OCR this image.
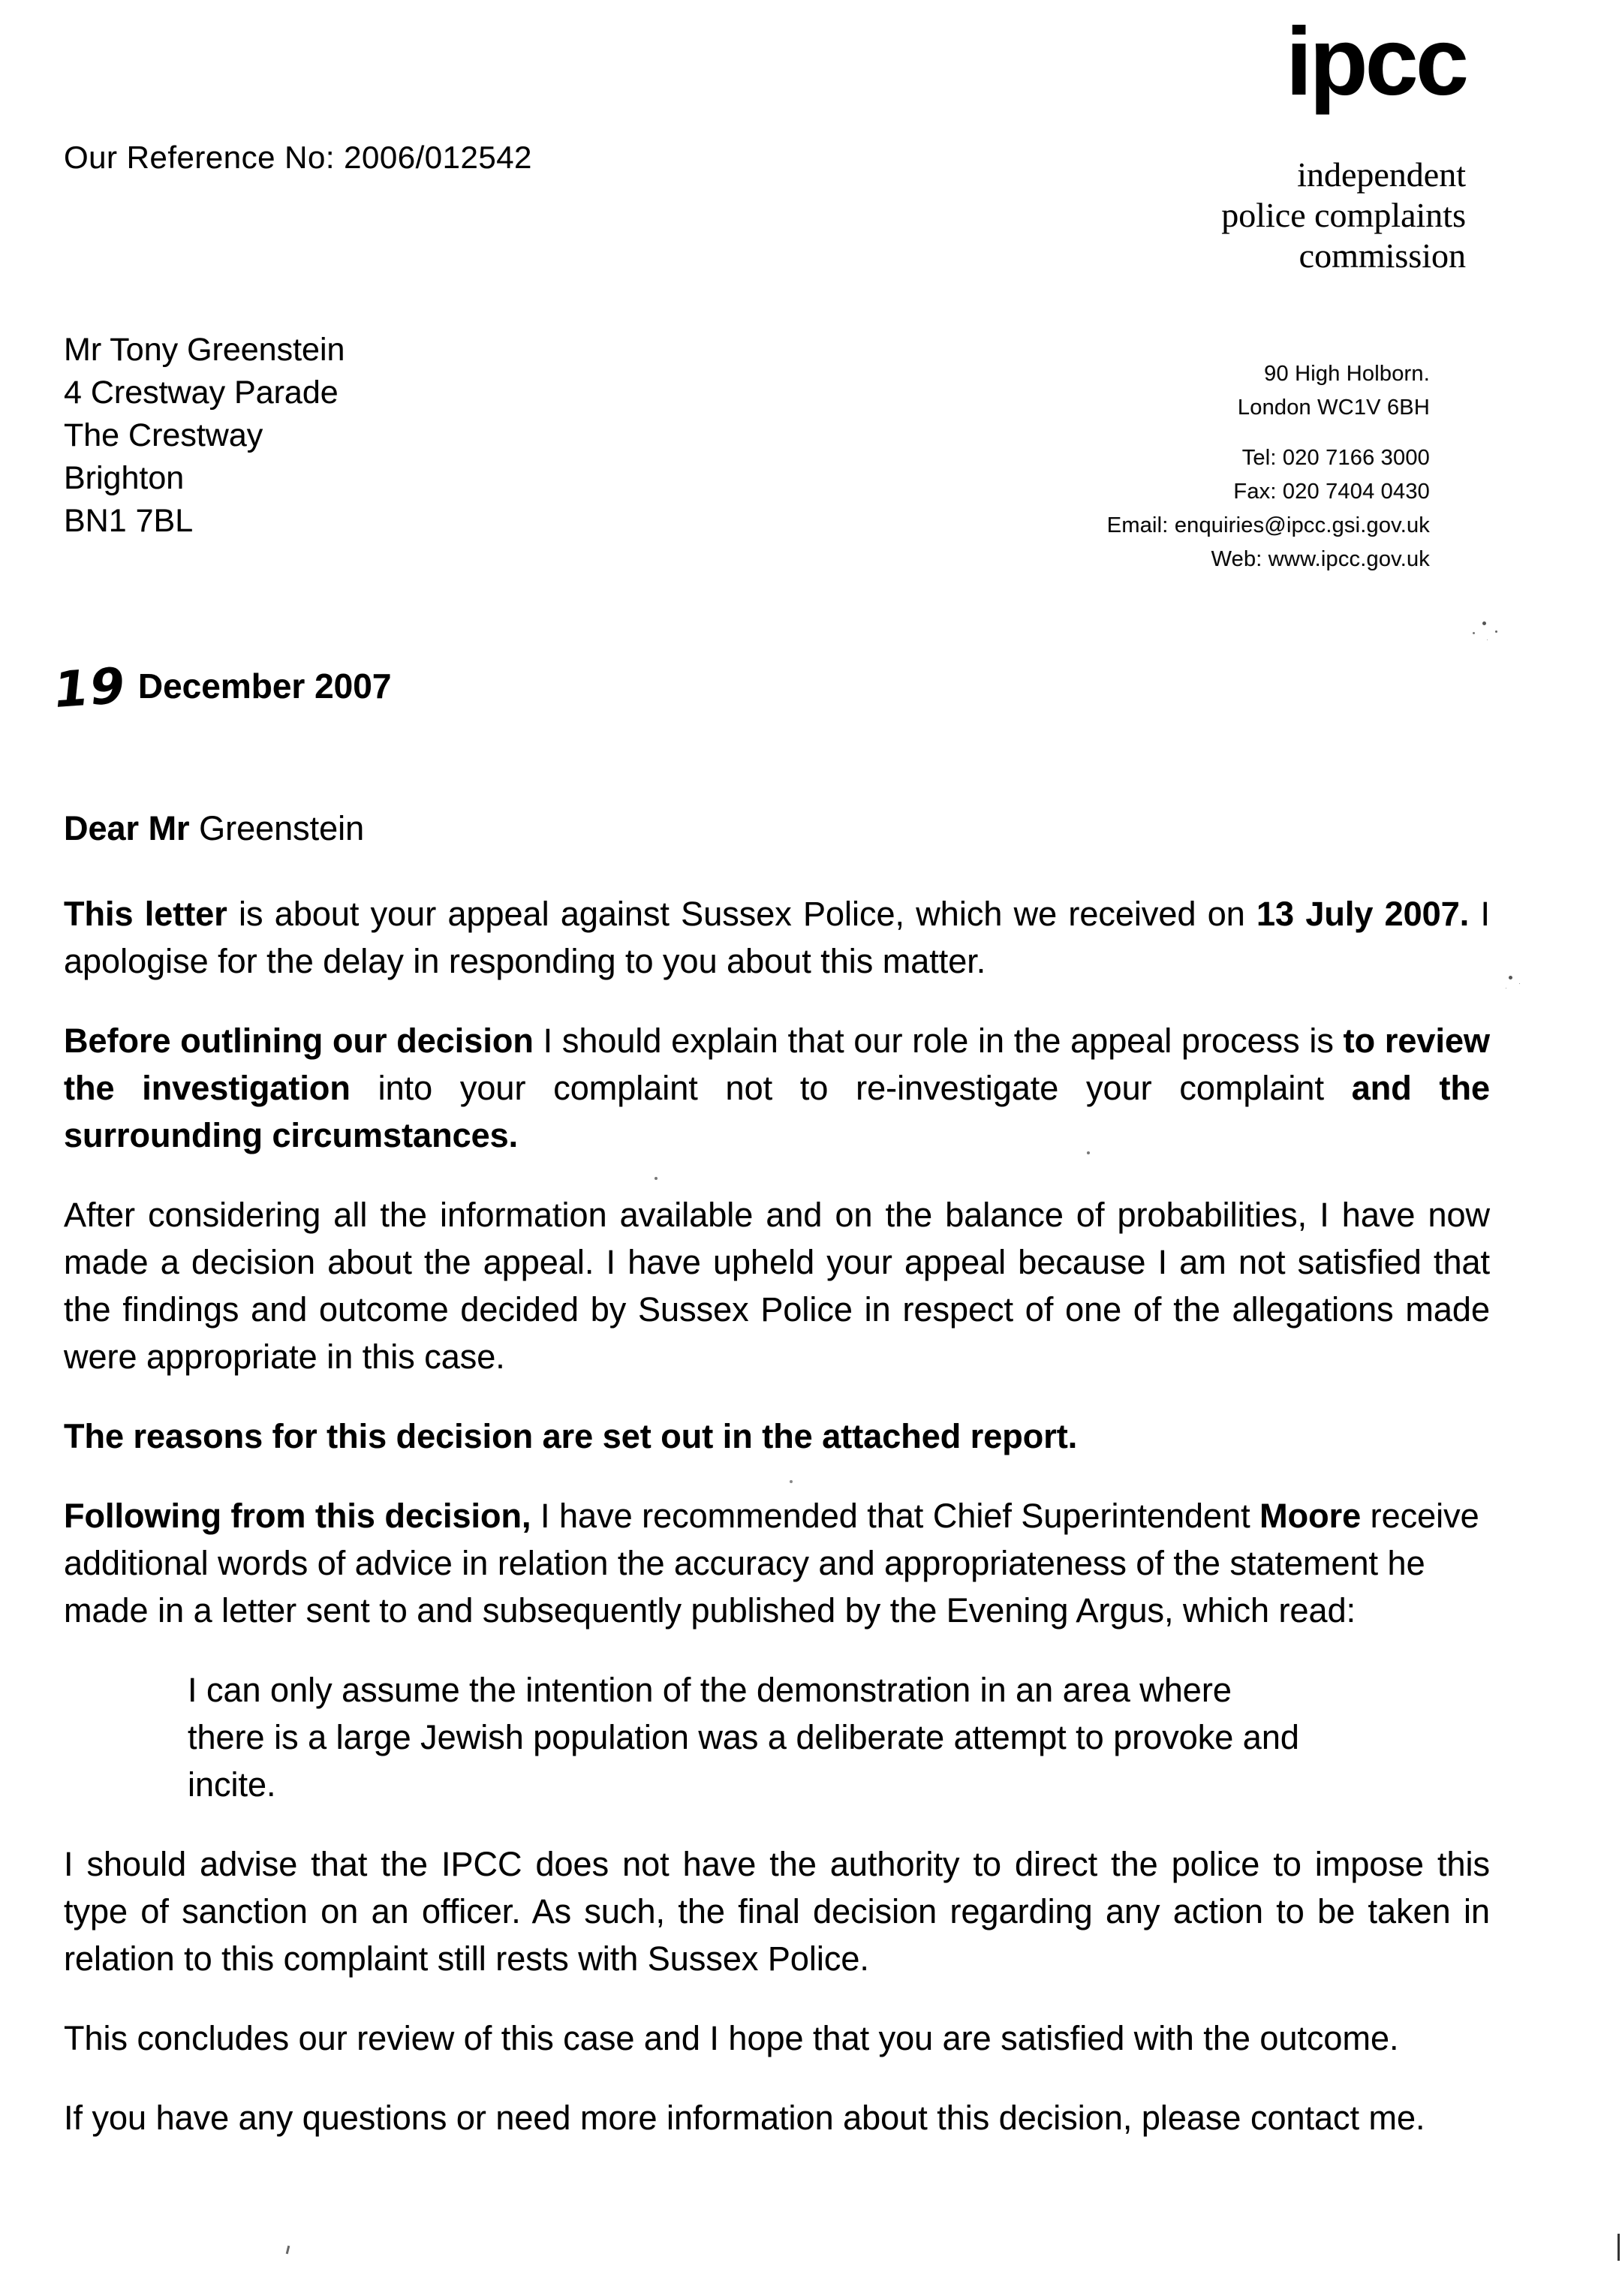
Our Reference No: 2006/012542
ipcc
independent
police complaints
commission
Mr Tony Greenstein
4 Crestway Parade
The Crestway
Brighton
BN1 7BL
90 High Holborn.
London WC1V 6BH
Tel: 020 7166 3000
Fax: 020 7404 0430
Email: enquiries@ipcc.gsi.gov.uk
Web: www.ipcc.gov.uk
19 December 2007
Dear Mr Greenstein

This letter is about your appeal against Sussex Police, which we received on 13 July 2007. I apologise for the delay in responding to you about this matter.

Before outlining our decision I should explain that our role in the appeal process is to review the investigation into your complaint not to re-investigate your complaint and the surrounding circumstances.

After considering all the information available and on the balance of probabilities, I have now made a decision about the appeal. I have upheld your appeal because I am not satisfied that the findings and outcome decided by Sussex Police in respect of one of the allegations made were appropriate in this case.

The reasons for this decision are set out in the attached report.

Following from this decision, I have recommended that Chief Superintendent Moore receive additional words of advice in relation the accuracy and appropriateness of the statement he made in a letter sent to and subsequently published by the Evening Argus, which read:

I can only assume the intention of the demonstration in an area where there is a large Jewish population was a deliberate attempt to provoke and incite.

I should advise that the IPCC does not have the authority to direct the police to impose this type of sanction on an officer. As such, the final decision regarding any action to be taken in relation to this complaint still rests with Sussex Police.

This concludes our review of this case and I hope that you are satisfied with the outcome.

If you have any questions or need more information about this decision, please contact me.
